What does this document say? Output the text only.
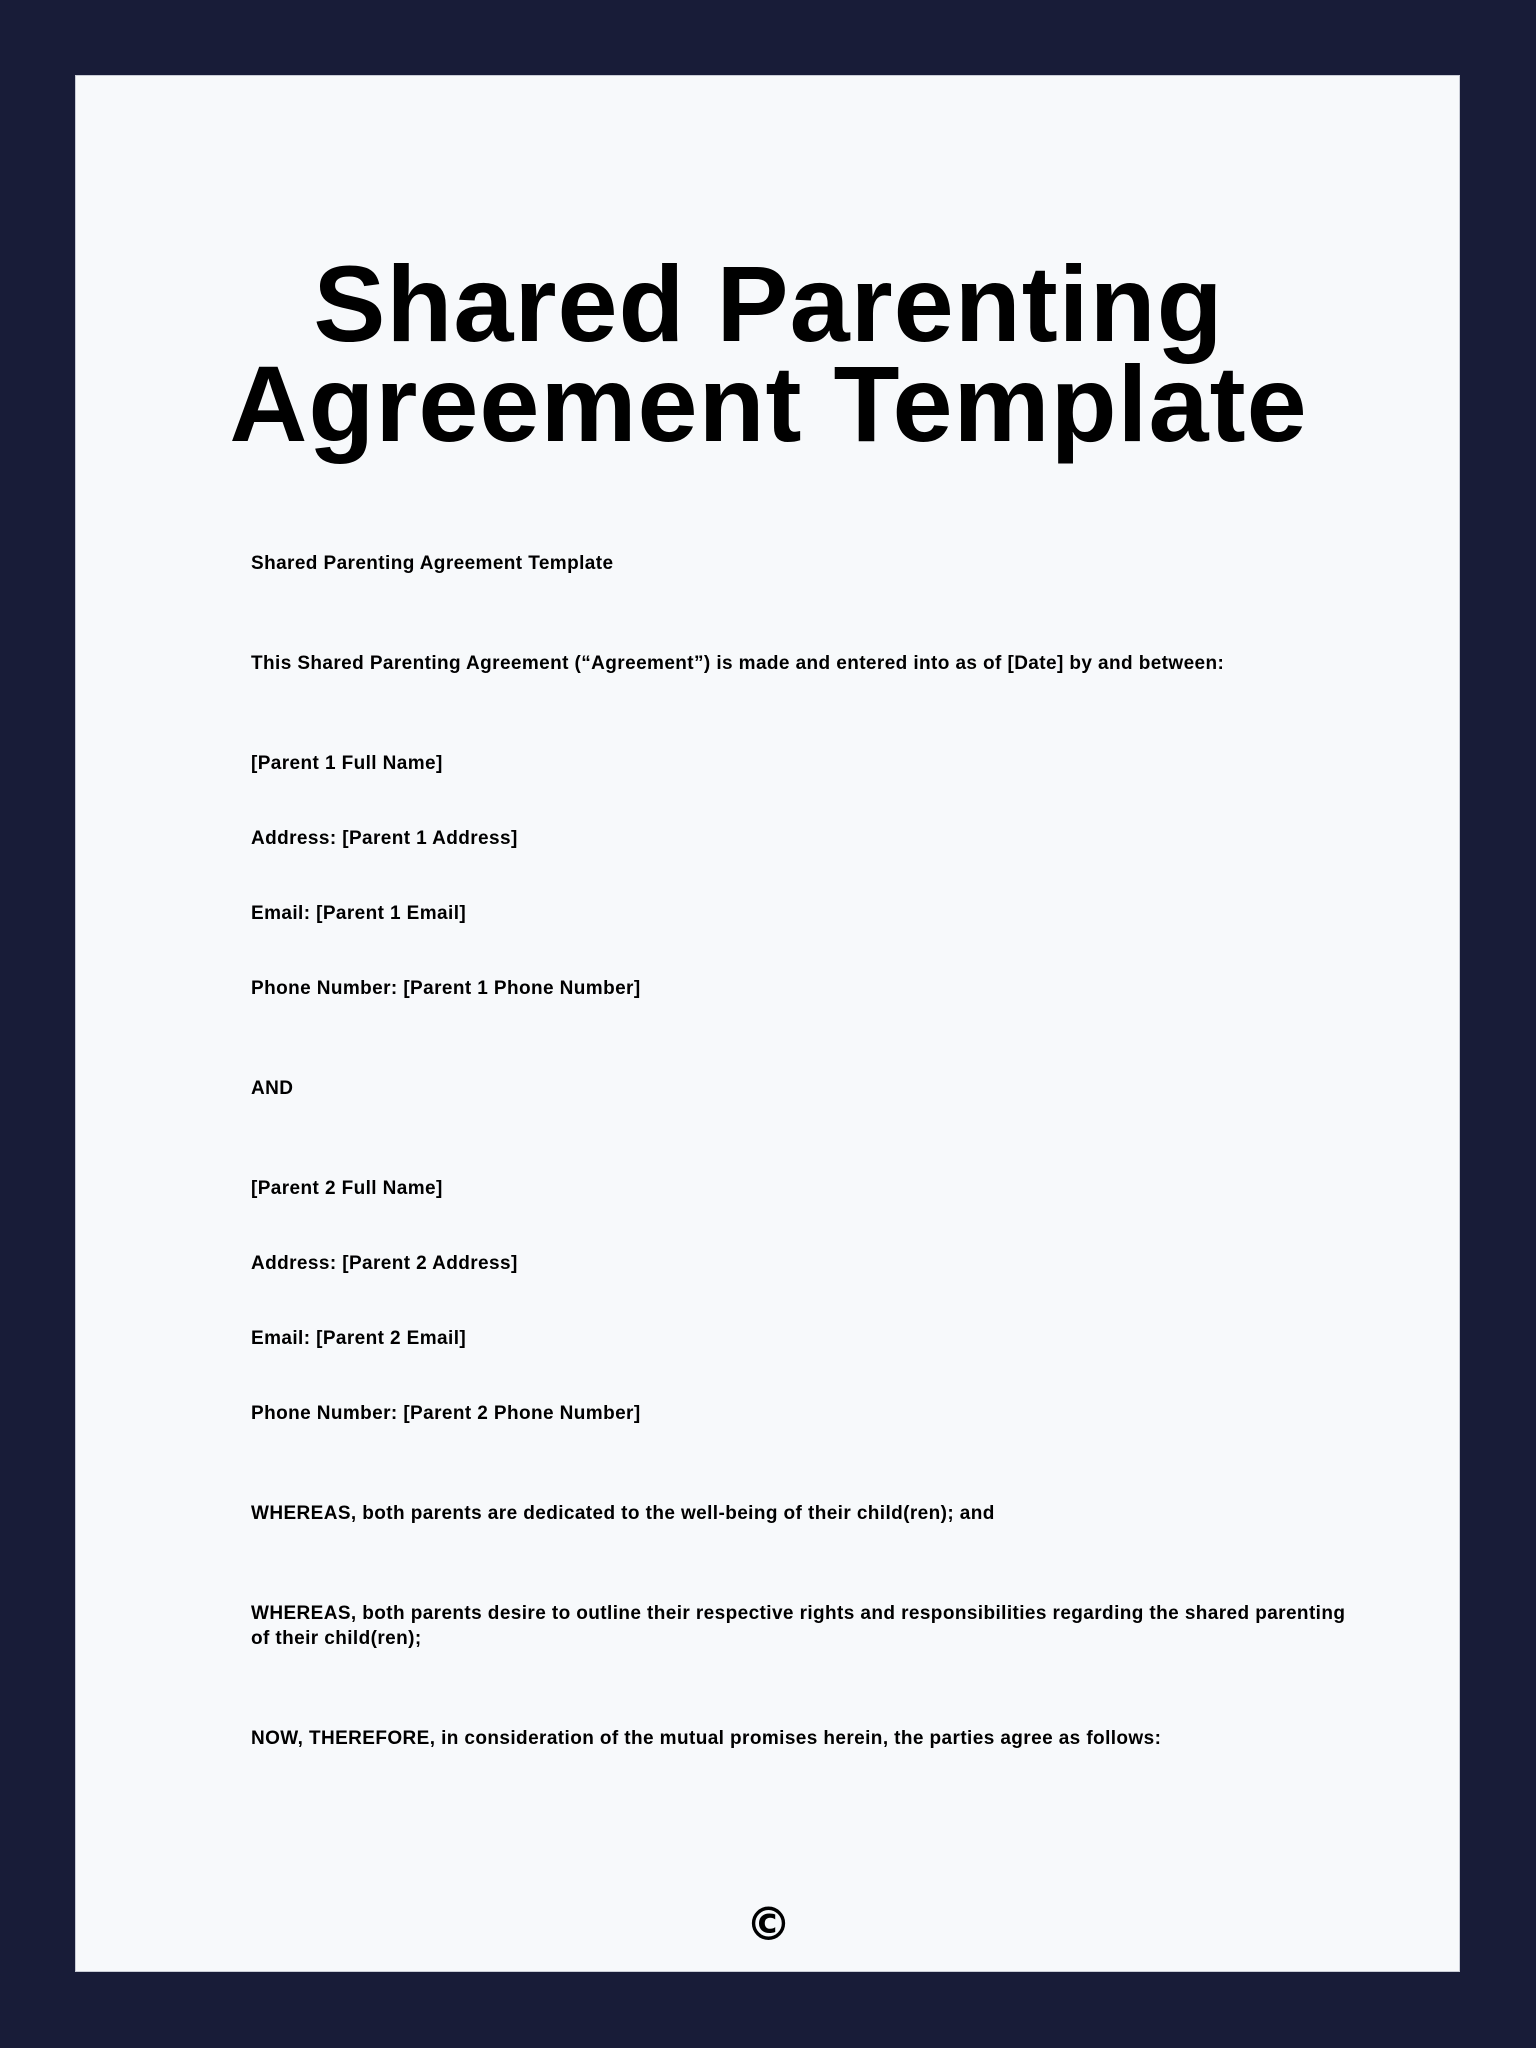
Shared Parenting Agreement Template

Shared Parenting Agreement Template

This Shared Parenting Agreement (“Agreement”) is made and entered into as of [Date] by and between:

[Parent 1 Full Name]

Address: [Parent 1 Address]

Email: [Parent 1 Email]

Phone Number: [Parent 1 Phone Number]

AND

[Parent 2 Full Name]

Address: [Parent 2 Address]

Email: [Parent 2 Email]

Phone Number: [Parent 2 Phone Number]

WHEREAS, both parents are dedicated to the well-being of their child(ren); and

WHEREAS, both parents desire to outline their respective rights and responsibilities regarding the shared parenting of their child(ren);

NOW, THEREFORE, in consideration of the mutual promises herein, the parties agree as follows:

©
